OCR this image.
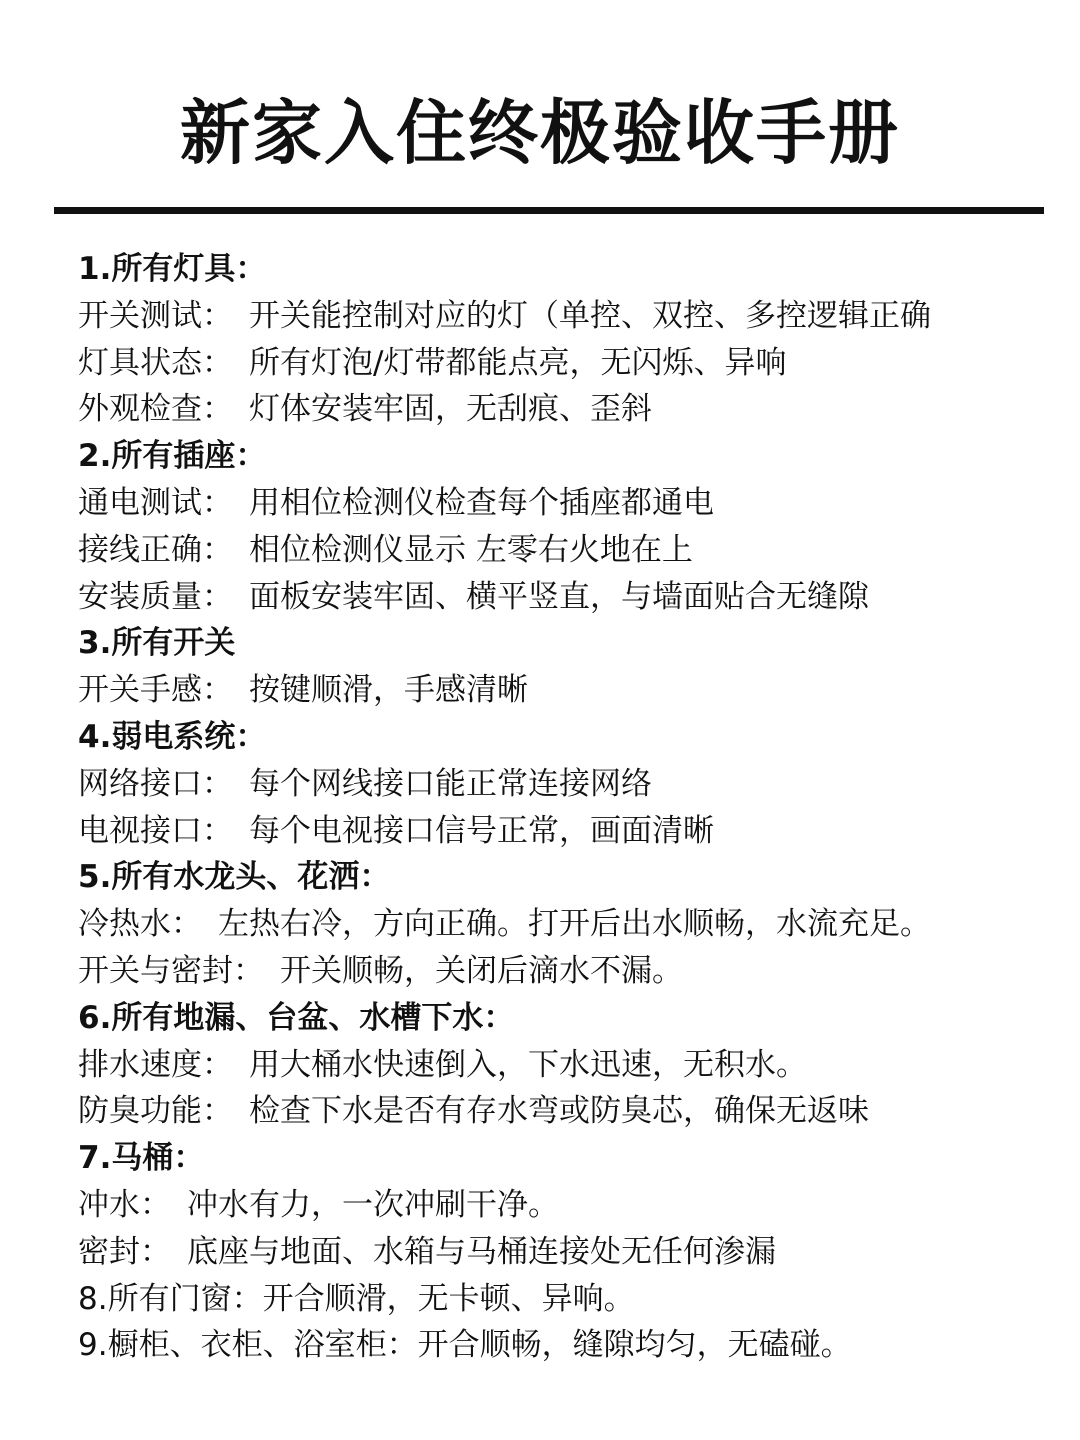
新家入住终极验收手册
1.所有灯具：
开关测试： 开关能控制对应的灯（单控、双控、多控逻辑正确
灯具状态： 所有灯泡/灯带都能点亮，无闪烁、异响
外观检查： 灯体安装牢固，无刮痕、歪斜
2.所有插座：
通电测试： 用相位检测仪检查每个插座都通电
接线正确： 相位检测仪显示 左零右火地在上
安装质量： 面板安装牢固、横平竖直，与墙面贴合无缝隙
3.所有开关
开关手感： 按键顺滑，手感清晰
4.弱电系统：
网络接口： 每个网线接口能正常连接网络
电视接口： 每个电视接口信号正常，画面清晰
5.所有水龙头、花洒：
冷热水： 左热右冷，方向正确。打开后出水顺畅，水流充足。
开关与密封： 开关顺畅，关闭后滴水不漏。
6.所有地漏、台盆、水槽下水：
排水速度： 用大桶水快速倒入，下水迅速，无积水。
防臭功能： 检查下水是否有存水弯或防臭芯，确保无返味
7.马桶：
冲水： 冲水有力，一次冲刷干净。
密封： 底座与地面、水箱与马桶连接处无任何渗漏
8.所有门窗：开合顺滑，无卡顿、异响。
9.橱柜、衣柜、浴室柜：开合顺畅，缝隙均匀，无磕碰。
